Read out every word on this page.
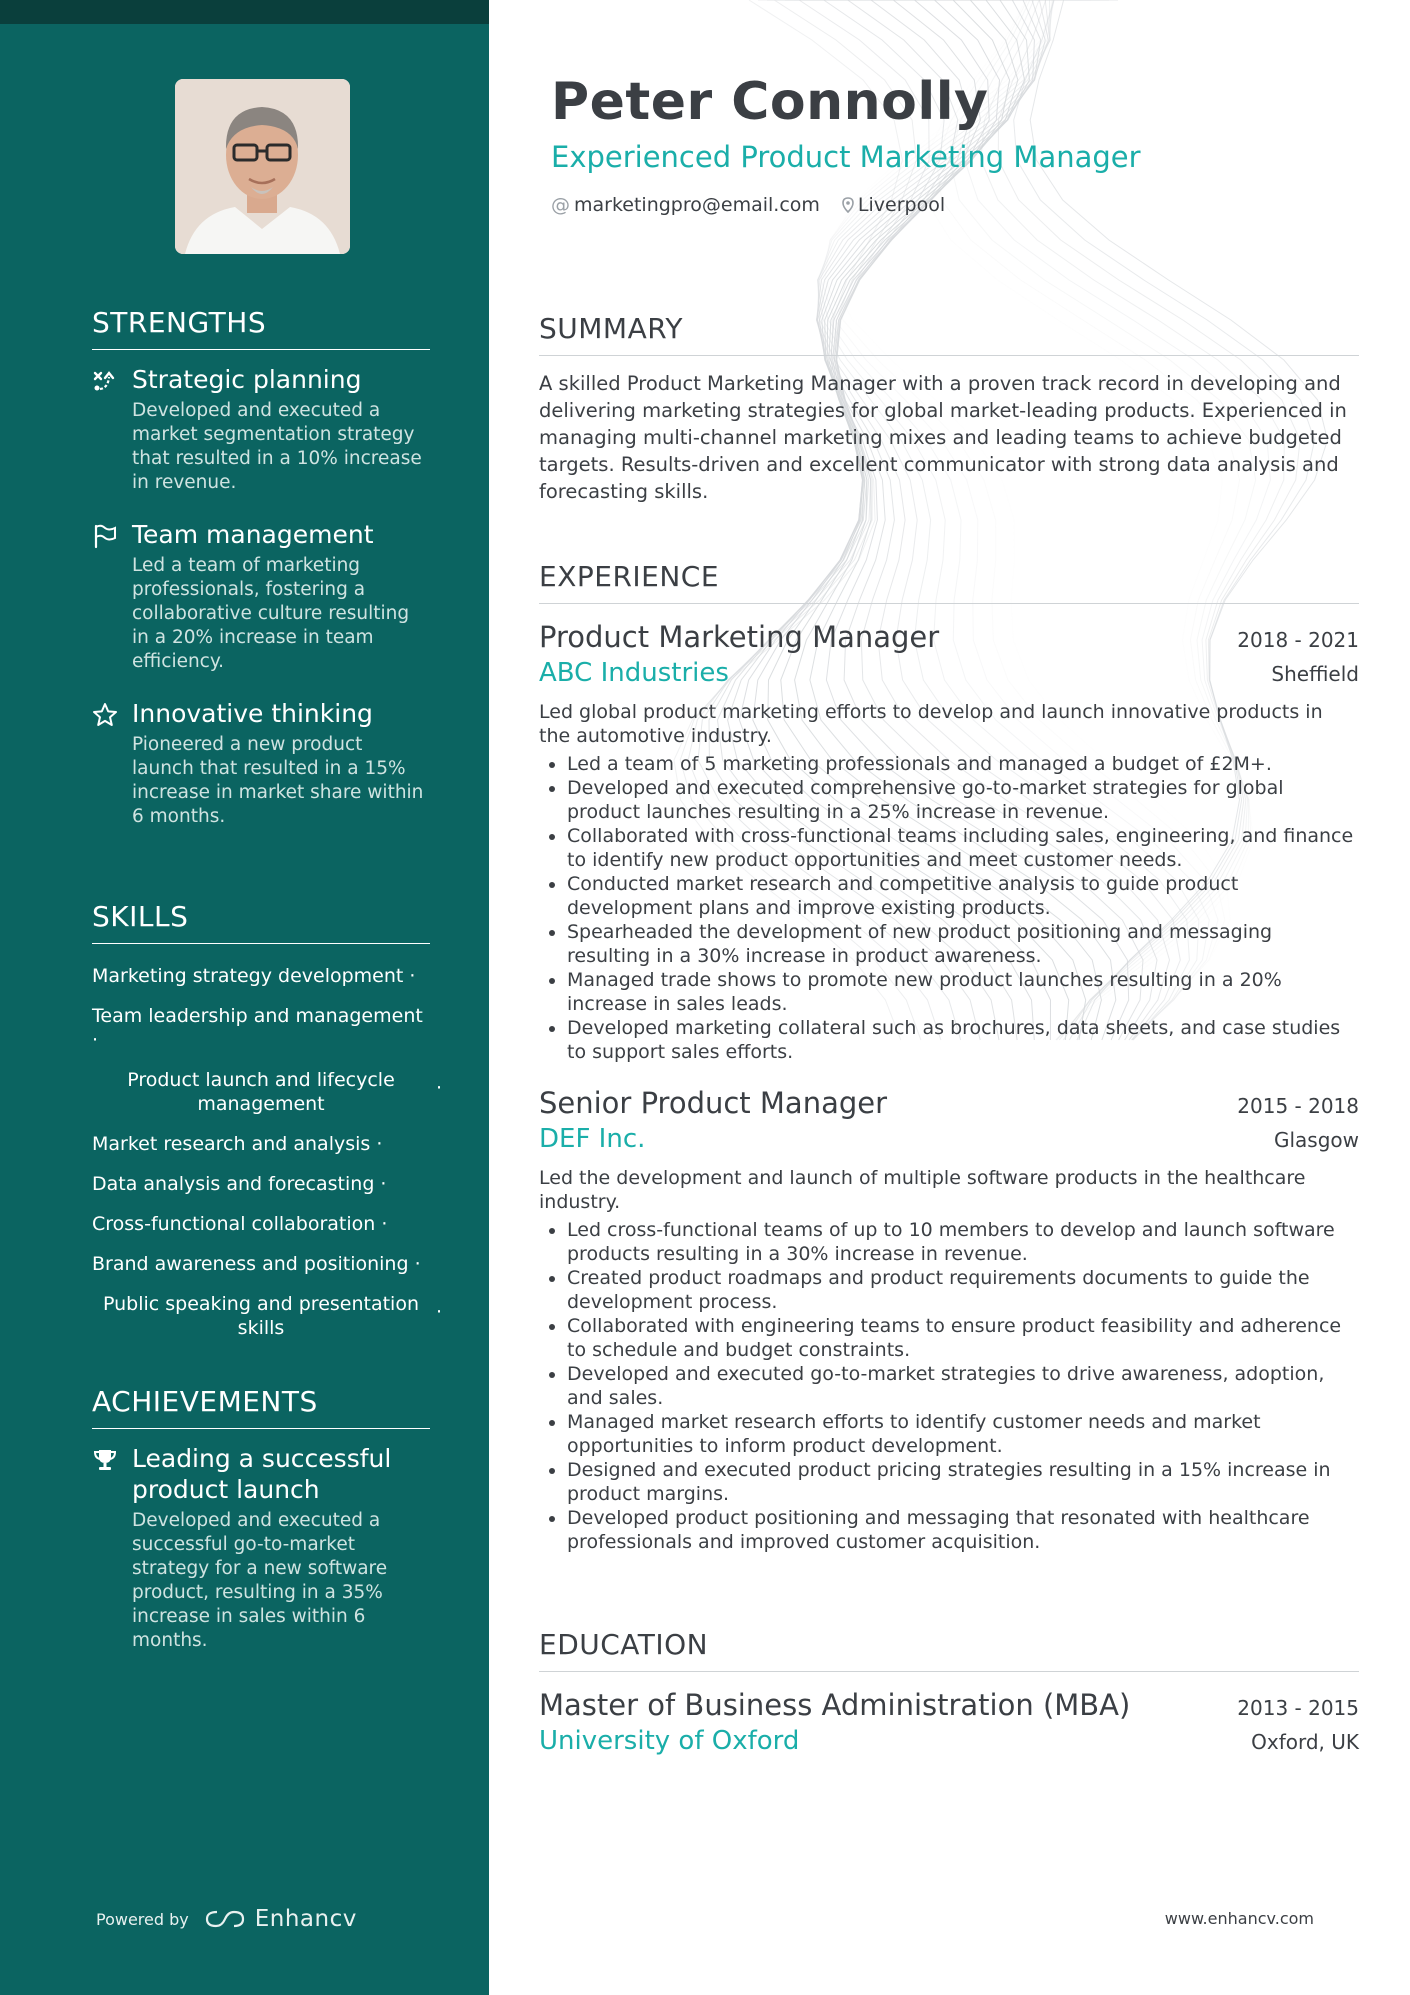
STRENGTHS
Strategic planning
Developed and executed a market segmentation strategy that resulted in a 10% increase in revenue.
Team management
Led a team of marketing professionals, fostering a collaborative culture resulting in a 20% increase in team efficiency.
Innovative thinking
Pioneered a new product launch that resulted in a 15% increase in market share within 6 months.
SKILLS
Marketing strategy development ·
Team leadership and management ·
Product launch and lifecycle management ·
Market research and analysis ·
Data analysis and forecasting ·
Cross-functional collaboration ·
Brand awareness and positioning ·
Public speaking and presentation skills ·
ACHIEVEMENTS
Leading a successful product launch
Developed and executed a successful go-to-market strategy for a new software product, resulting in a 35% increase in sales within 6 months.
Powered by	Enhancv
Peter Connolly
Experienced Product Marketing Manager
@ marketingpro@email.com	Liverpool
SUMMARY
A skilled Product Marketing Manager with a proven track record in developing and delivering marketing strategies for global market-leading products. Experienced in managing multi-channel marketing mixes and leading teams to achieve budgeted targets. Results-driven and excellent communicator with strong data analysis and forecasting skills.
EXPERIENCE
Product Marketing Manager	2018 - 2021
ABC Industries	Sheffield
Led global product marketing efforts to develop and launch innovative products in the automotive industry.
• Led a team of 5 marketing professionals and managed a budget of £2M+.
• Developed and executed comprehensive go-to-market strategies for global product launches resulting in a 25% increase in revenue.
• Collaborated with cross-functional teams including sales, engineering, and finance to identify new product opportunities and meet customer needs.
• Conducted market research and competitive analysis to guide product development plans and improve existing products.
• Spearheaded the development of new product positioning and messaging resulting in a 30% increase in product awareness.
• Managed trade shows to promote new product launches resulting in a 20% increase in sales leads.
• Developed marketing collateral such as brochures, data sheets, and case studies to support sales efforts.
Senior Product Manager	2015 - 2018
DEF Inc.	Glasgow
Led the development and launch of multiple software products in the healthcare industry.
• Led cross-functional teams of up to 10 members to develop and launch software products resulting in a 30% increase in revenue.
• Created product roadmaps and product requirements documents to guide the development process.
• Collaborated with engineering teams to ensure product feasibility and adherence to schedule and budget constraints.
• Developed and executed go-to-market strategies to drive awareness, adoption, and sales.
• Managed market research efforts to identify customer needs and market opportunities to inform product development.
• Designed and executed product pricing strategies resulting in a 15% increase in product margins.
• Developed product positioning and messaging that resonated with healthcare professionals and improved customer acquisition.
EDUCATION
Master of Business Administration (MBA)	2013 - 2015
University of Oxford	Oxford, UK
www.enhancv.com
